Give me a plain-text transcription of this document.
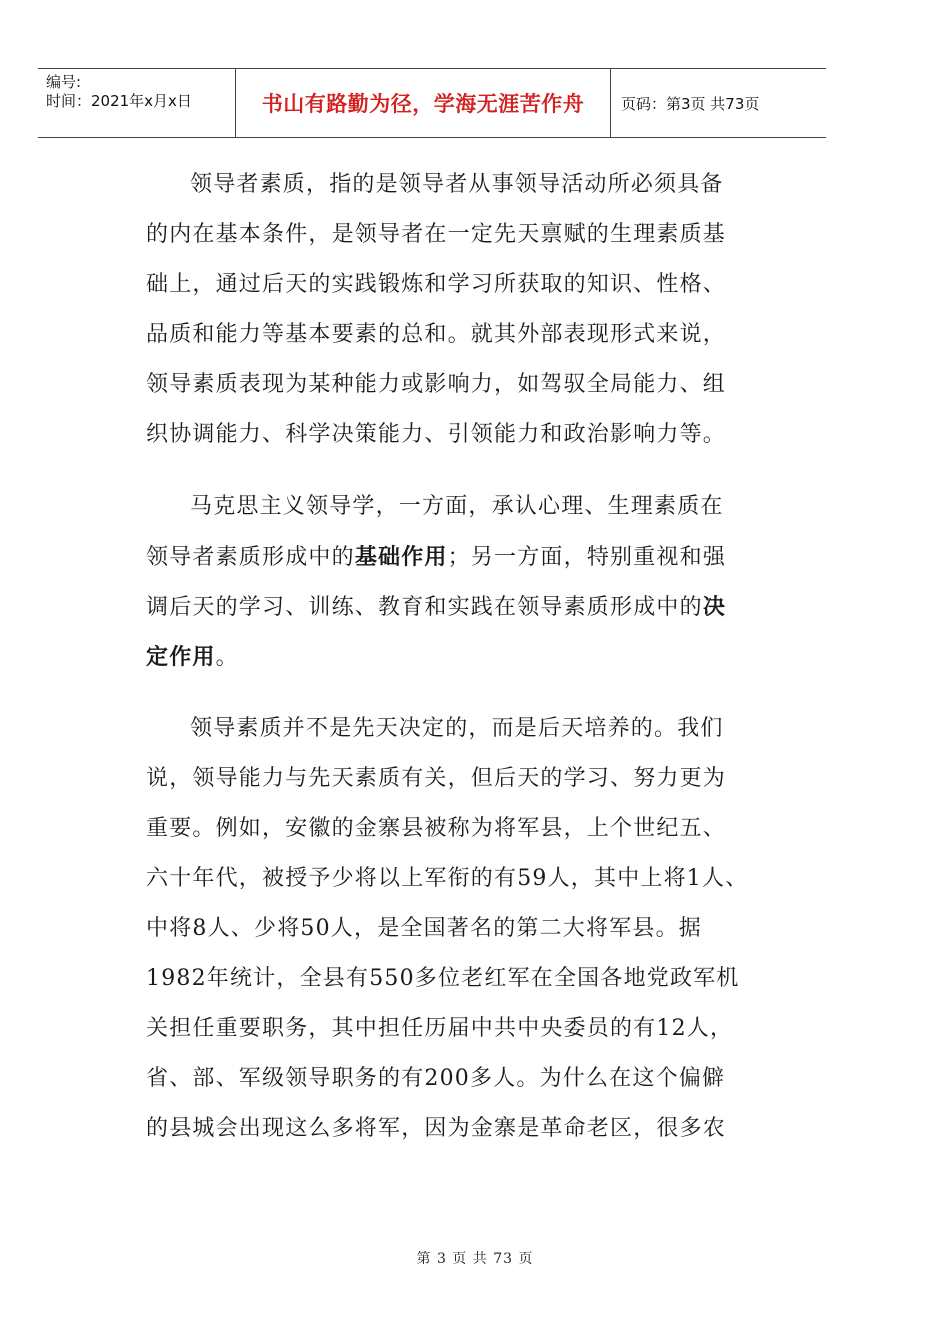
编号:
时间：2021年x月x日	书山有路勤为径，学海无涯苦作舟	页码：第3页 共73页
领导者素质，指的是领导者从事领导活动所必须具备
的内在基本条件，是领导者在一定先天禀赋的生理素质基
础上，通过后天的实践锻炼和学习所获取的知识、性格、
品质和能力等基本要素的总和。就其外部表现形式来说，
领导素质表现为某种能力或影响力，如驾驭全局能力、组
织协调能力、科学决策能力、引领能力和政治影响力等。
马克思主义领导学，一方面，承认心理、生理素质在
领导者素质形成中的基础作用；另一方面，特别重视和强
调后天的学习、训练、教育和实践在领导素质形成中的决
定作用。
领导素质并不是先天决定的，而是后天培养的。我们
说，领导能力与先天素质有关，但后天的学习、努力更为
重要。例如，安徽的金寨县被称为将军县，上个世纪五、
六十年代，被授予少将以上军衔的有59人，其中上将1人、
中将8人、少将50人，是全国著名的第二大将军县。据
1982年统计，全县有550多位老红军在全国各地党政军机
关担任重要职务，其中担任历届中共中央委员的有12人，
省、部、军级领导职务的有200多人。为什么在这个偏僻
的县城会出现这么多将军，因为金寨是革命老区，很多农
第 3 页 共 73 页
